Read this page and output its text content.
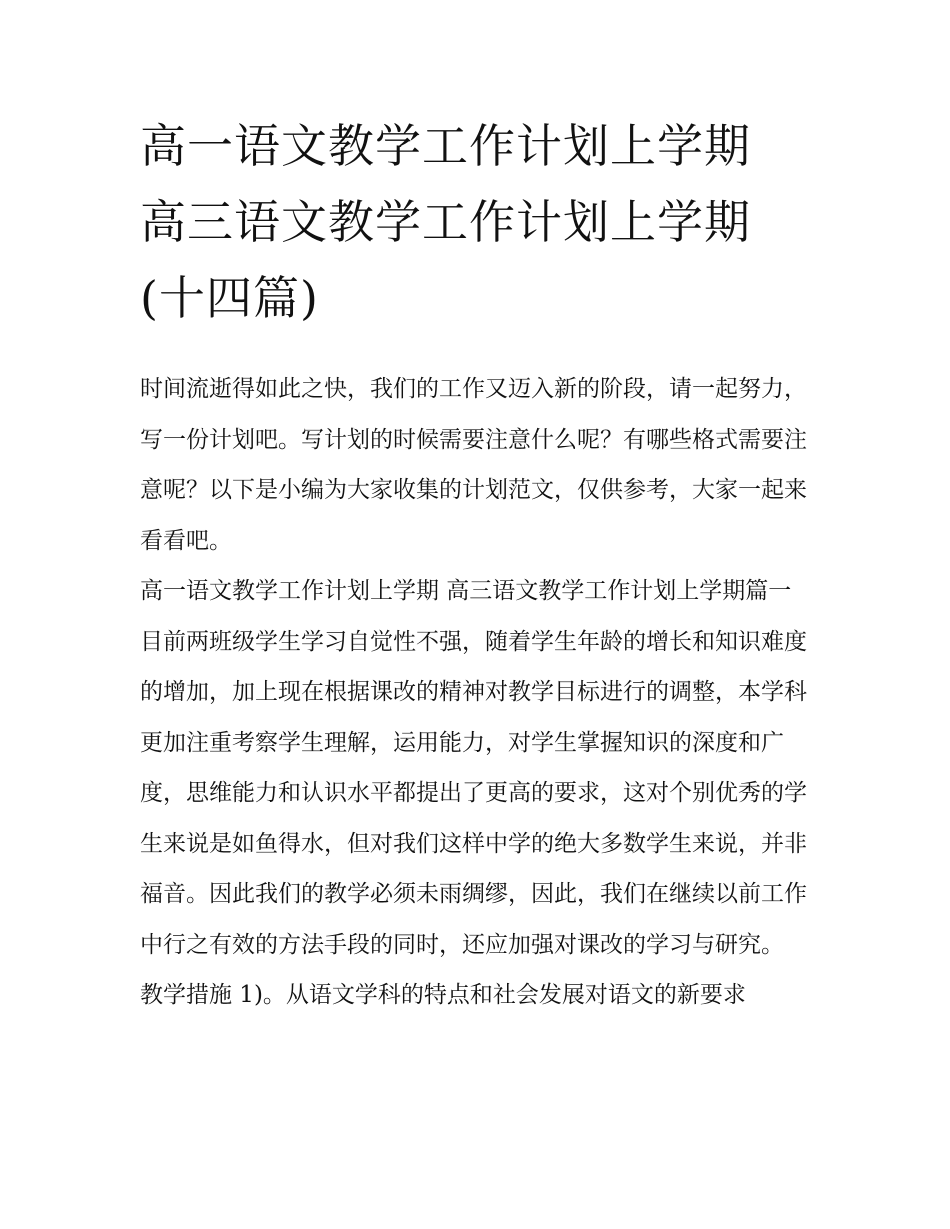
高一语文教学工作计划上学期
高三语文教学工作计划上学期
(十四篇)

时间流逝得如此之快，我们的工作又迈入新的阶段，请一起努力，写一份计划吧。写计划的时候需要注意什么呢？有哪些格式需要注意呢？以下是小编为大家收集的计划范文，仅供参考，大家一起来看看吧。

高一语文教学工作计划上学期 高三语文教学工作计划上学期篇一

目前两班级学生学习自觉性不强，随着学生年龄的增长和知识难度的增加，加上现在根据课改的精神对教学目标进行的调整，本学科更加注重考察学生理解，运用能力，对学生掌握知识的深度和广度，思维能力和认识水平都提出了更高的要求，这对个别优秀的学生来说是如鱼得水，但对我们这样中学的绝大多数学生来说，并非福音。因此我们的教学必须未雨绸缪，因此，我们在继续以前工作中行之有效的方法手段的同时，还应加强对课改的学习与研究。

教学措施 1)。从语文学科的特点和社会发展对语文的新要求
